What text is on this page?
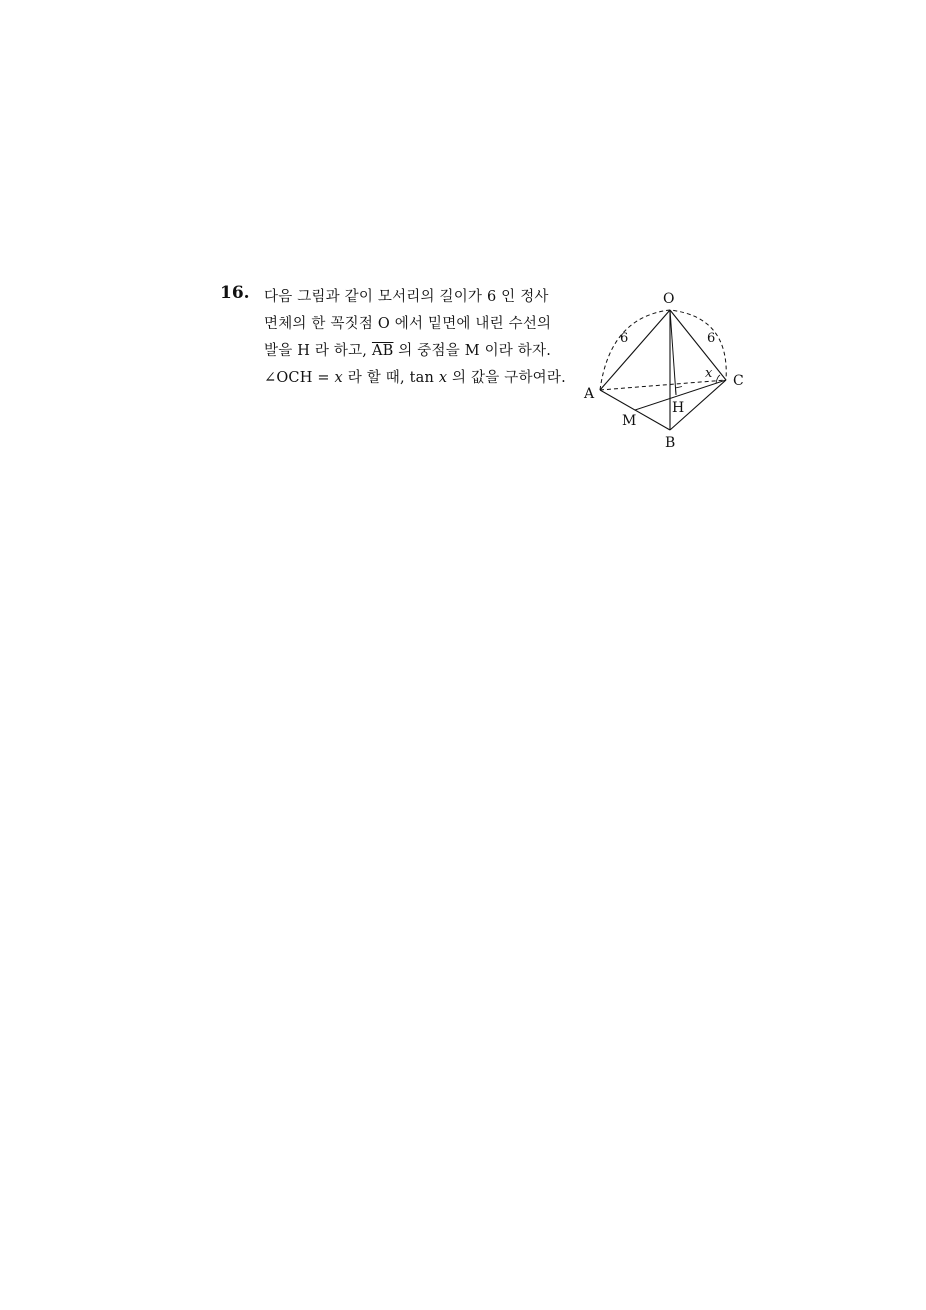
16. 다음 그림과 같이 모서리의 길이가 6 인 정사
면체의 한 꼭짓점 O 에서 밑면에 내린 수선의
발을 H 라 하고, $\overline{AB}$ 의 중점을 M 이라 하자.
∠OCH = x 라 할 때, tan x 의 값을 구하여라.
O
A
B
C
H
M
x
6	6
